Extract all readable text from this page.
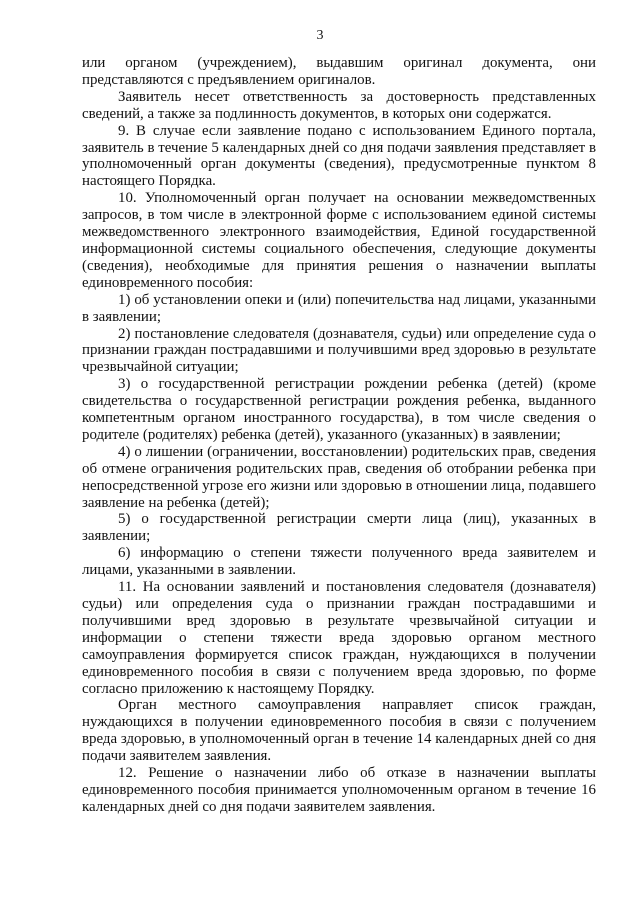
3

или органом (учреждением), выдавшим оригинал документа, они представляются с предъявлением оригиналов.

Заявитель несет ответственность за достоверность представленных сведений, а также за подлинность документов, в которых они содержатся.

9. В случае если заявление подано с использованием Единого портала, заявитель в течение 5 календарных дней со дня подачи заявления представляет в уполномоченный орган документы (сведения), предусмотренные пунктом 8 настоящего Порядка.

10. Уполномоченный орган получает на основании межведомственных запросов, в том числе в электронной форме с использованием единой системы межведомственного электронного взаимодействия, Единой государственной информационной системы социального обеспечения, следующие документы (сведения), необходимые для принятия решения о назначении выплаты единовременного пособия:

1) об установлении опеки и (или) попечительства над лицами, указанными в заявлении;

2) постановление следователя (дознавателя, судьи) или определение суда о признании граждан пострадавшими и получившими вред здоровью в результате чрезвычайной ситуации;

3) о государственной регистрации рождении ребенка (детей) (кроме свидетельства о государственной регистрации рождения ребенка, выданного компетентным органом иностранного государства), в том числе сведения о родителе (родителях) ребенка (детей), указанного (указанных) в заявлении;

4) о лишении (ограничении, восстановлении) родительских прав, сведения об отмене ограничения родительских прав, сведения об отобрании ребенка при непосредственной угрозе его жизни или здоровью в отношении лица, подавшего заявление на ребенка (детей);

5) о государственной регистрации смерти лица (лиц), указанных в заявлении;

6) информацию о степени тяжести полученного вреда заявителем и лицами, указанными в заявлении.

11. На основании заявлений и постановления следователя (дознавателя) судьи) или определения суда о признании граждан пострадавшими и получившими вред здоровью в результате чрезвычайной ситуации и информации о степени тяжести вреда здоровью органом местного самоуправления формируется список граждан, нуждающихся в получении единовременного пособия в связи с получением вреда здоровью, по форме согласно приложению к настоящему Порядку.

Орган местного самоуправления направляет список граждан, нуждающихся в получении единовременного пособия в связи с получением вреда здоровью, в уполномоченный орган в течение 14 календарных дней со дня подачи заявителем заявления.

12. Решение о назначении либо об отказе в назначении выплаты единовременного пособия принимается уполномоченным органом в течение 16 календарных дней со дня подачи заявителем заявления.
